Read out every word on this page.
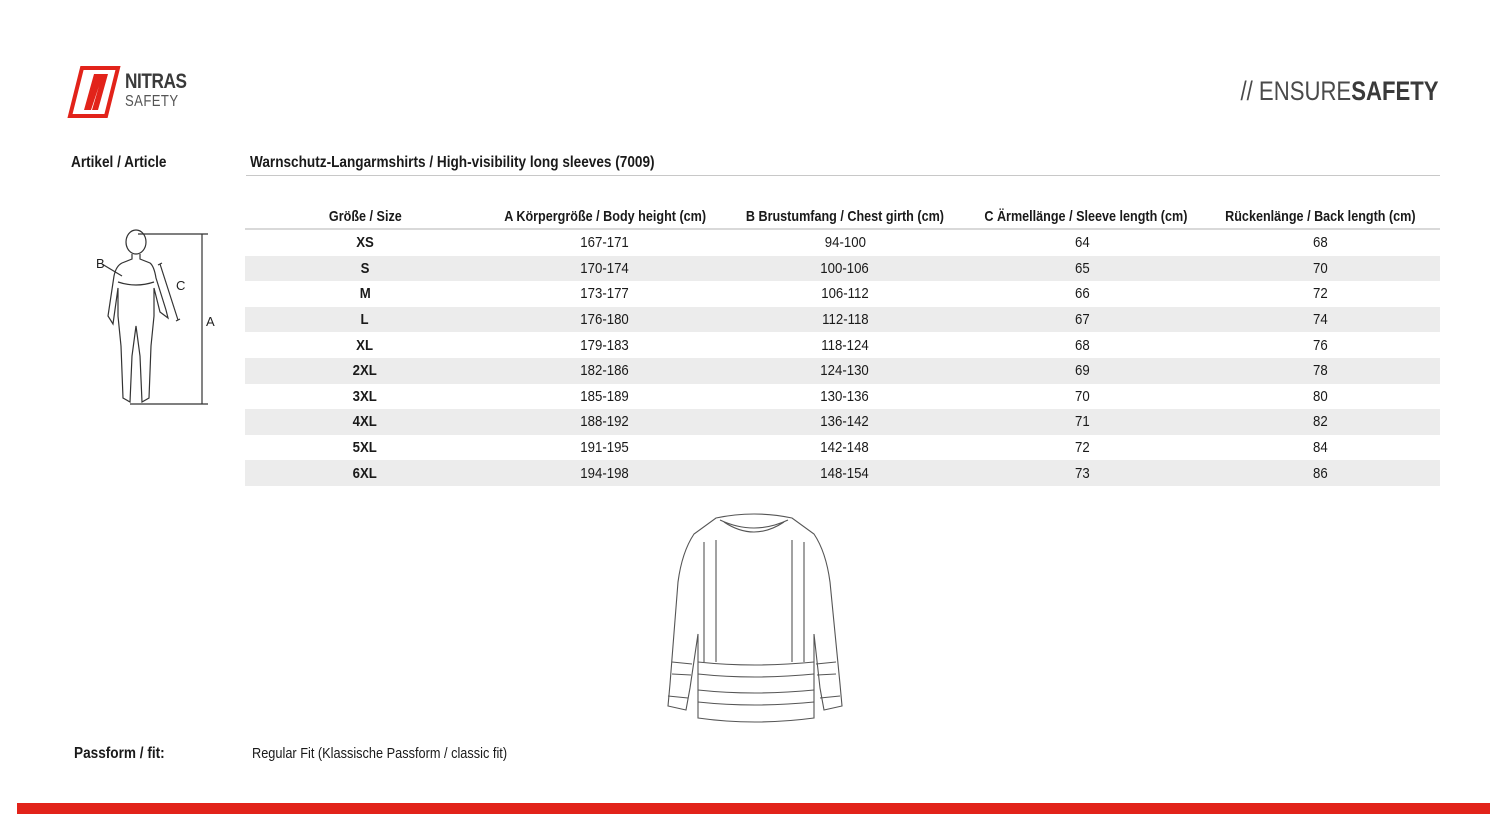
NITRAS
SAFETY	// ENSURESAFETY
Artikel / Article	Warnschutz-Langarmshirts / High-visibility long sleeves (7009)
B
C
A
Größe / Size	A Körpergröße / Body height (cm)	B Brustumfang / Chest girth (cm)	C Ärmellänge / Sleeve length (cm)	Rückenlänge / Back length (cm)
XS	167-171	94-100	64	68
S	170-174	100-106	65	70
M	173-177	106-112	66	72
L	176-180	112-118	67	74
XL	179-183	118-124	68	76
2XL	182-186	124-130	69	78
3XL	185-189	130-136	70	80
4XL	188-192	136-142	71	82
5XL	191-195	142-148	72	84
6XL	194-198	148-154	73	86
Passform / fit:	Regular Fit (Klassische Passform / classic fit)
